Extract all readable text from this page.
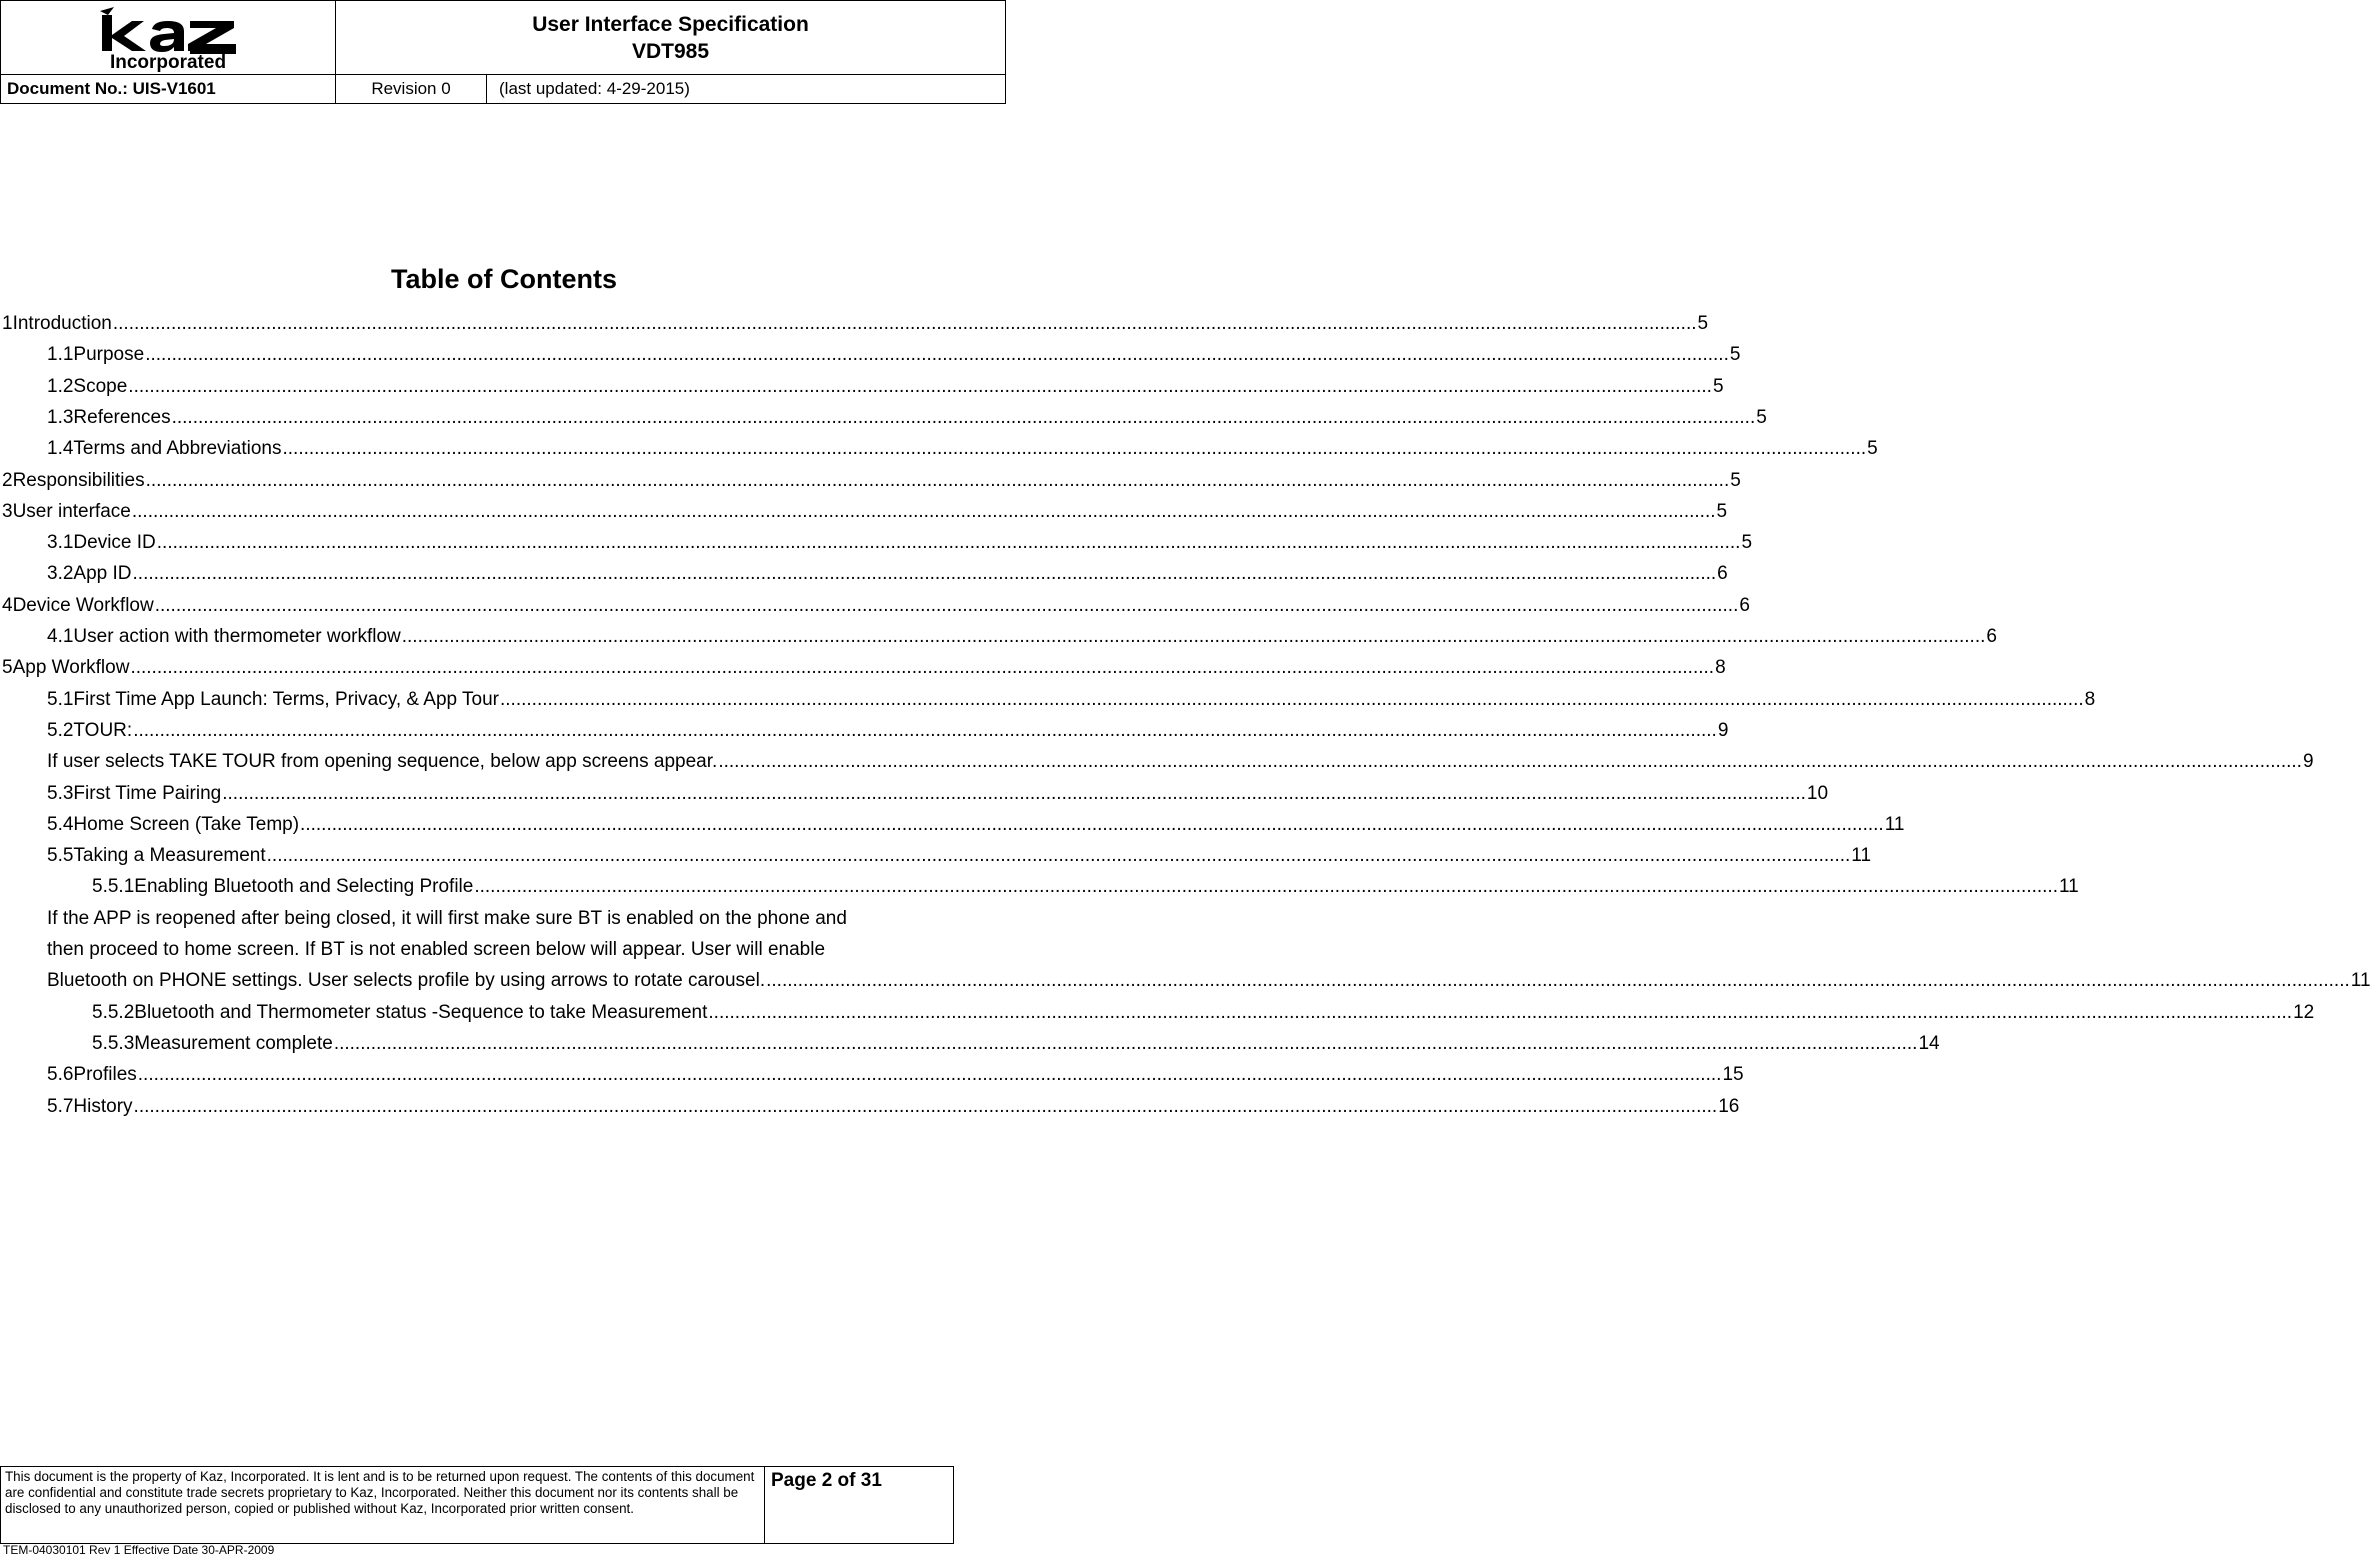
Incorporated	User Interface Specification
VDT985	

Document No.: UIS-V1601	Revision 0	(last updated: 4-29-2015)
Table of Contents
1 Introduction ............................................................................................................................................................................................................................................................................................................ 5
1.1 Purpose ............................................................................................................................................................................................................................................................................................................ 5
1.2 Scope ............................................................................................................................................................................................................................................................................................................ 5
1.3 References ............................................................................................................................................................................................................................................................................................................ 5
1.4 Terms and Abbreviations ............................................................................................................................................................................................................................................................................................................ 5
2 Responsibilities ............................................................................................................................................................................................................................................................................................................ 5
3 User interface ............................................................................................................................................................................................................................................................................................................ 5
3.1 Device ID ............................................................................................................................................................................................................................................................................................................ 5
3.2 App ID ............................................................................................................................................................................................................................................................................................................ 6
4 Device Workflow ............................................................................................................................................................................................................................................................................................................ 6
4.1 User action with thermometer workflow ............................................................................................................................................................................................................................................................................................................ 6
5 App Workflow ............................................................................................................................................................................................................................................................................................................ 8
5.1 First Time App Launch: Terms, Privacy, & App Tour ............................................................................................................................................................................................................................................................................................................ 8
5.2 TOUR: ............................................................................................................................................................................................................................................................................................................ 9
If user selects TAKE TOUR from opening sequence, below app screens appear. ............................................................................................................................................................................................................................................................................................................ 9
5.3 First Time Pairing ............................................................................................................................................................................................................................................................................................................ 10
5.4 Home Screen (Take Temp) ............................................................................................................................................................................................................................................................................................................ 11
5.5 Taking a Measurement ............................................................................................................................................................................................................................................................................................................ 11
5.5.1 Enabling Bluetooth and Selecting Profile ............................................................................................................................................................................................................................................................................................................ 11
If the APP is reopened after being closed, it will first make sure BT is enabled on the phone and
then proceed to home screen. If BT is not enabled screen below will appear. User will enable
Bluetooth on PHONE settings. User selects profile by using arrows to rotate carousel. ............................................................................................................................................................................................................................................................................................................ 11
5.5.2 Bluetooth and Thermometer status -Sequence to take Measurement ............................................................................................................................................................................................................................................................................................................ 12
5.5.3 Measurement complete ............................................................................................................................................................................................................................................................................................................ 14
5.6 Profiles ............................................................................................................................................................................................................................................................................................................ 15
5.7 History ............................................................................................................................................................................................................................................................................................................ 16
This document is the property of Kaz, Incorporated. It is lent and is to be returned upon request. The contents of this document are confidential and constitute trade secrets proprietary to Kaz, Incorporated. Neither this document nor its contents shall be disclosed to any unauthorized person, copied or published without Kaz, Incorporated prior written consent.	Page 2 of 31
TEM-04030101 Rev 1 Effective Date 30-APR-2009
